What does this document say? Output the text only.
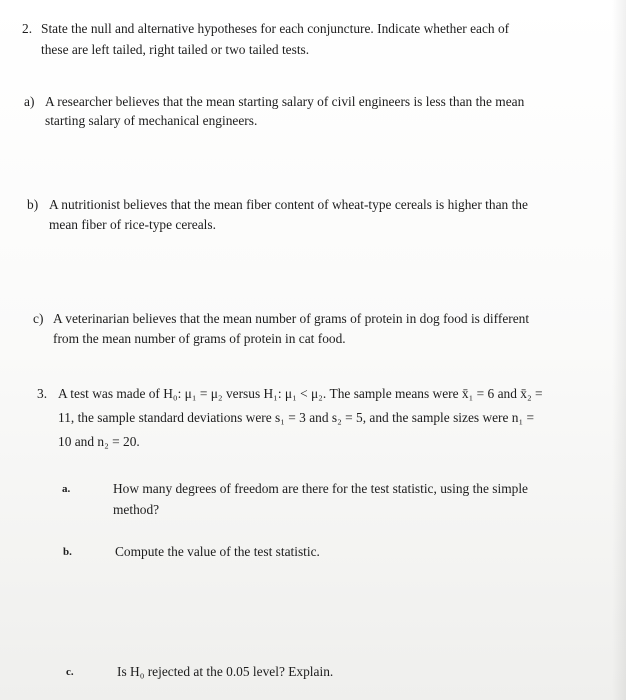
2. State the null and alternative hypotheses for each conjuncture. Indicate whether each of
these are left tailed, right tailed or two tailed tests.
a) A researcher believes that the mean starting salary of civil engineers is less than the mean
starting salary of mechanical engineers.
b) A nutritionist believes that the mean fiber content of wheat-type cereals is higher than the
mean fiber of rice-type cereals.
c) A veterinarian believes that the mean number of grams of protein in dog food is different
from the mean number of grams of protein in cat food.
3. A test was made of H₀: μ₁ = μ₂ versus H₁: μ₁ < μ₂. The sample means were x̄₁ = 6 and x̄₂ =
11, the sample standard deviations were s₁ = 3 and s₂ = 5, and the sample sizes were n₁ =
10 and n₂ = 20.
a.	How many degrees of freedom are there for the test statistic, using the simple
method?
b.	Compute the value of the test statistic.
c.	Is H₀ rejected at the 0.05 level? Explain.
